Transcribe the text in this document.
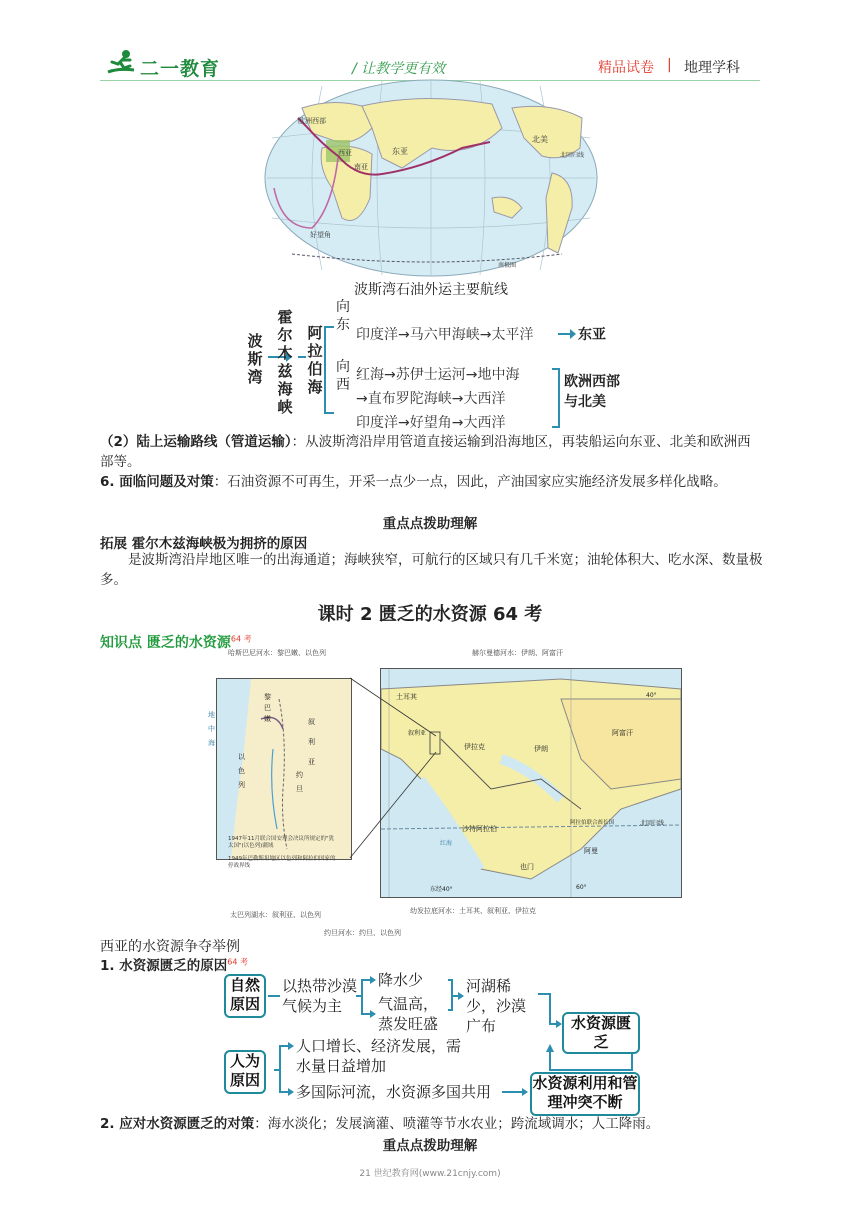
二一教育	/ 让教学更有效	精品试卷 | 地理学科
欧洲西部
西亚	东亚
南亚
北美
北回归线
好望角
南极圈
波斯湾石油外运主要航线
波斯湾
霍尔木兹海峡
阿拉伯海
向东
向西
印度洋→马六甲海峡→太平洋	东亚
红海→苏伊士运河→地中海
→直布罗陀海峡→大西洋
印度洋→好望角→大西洋
欧洲西部与北美
（2）陆上运输路线（管道运输）：从波斯湾沿岸用管道直接运输到沿海地区，再装船运向东亚、北美和欧洲西部等。
6. 面临问题及对策：石油资源不可再生，开采一点少一点，因此，产油国家应实施经济发展多样化战略。
重点点拨助理解
拓展 霍尔木兹海峡极为拥挤的原因
是波斯湾沿岸地区唯一的出海通道；海峡狭窄，可航行的区域只有几千米宽；油轮体积大、吃水深、数量极多。
课时 2 匮乏的水资源 64 考
知识点 匮乏的水资源$^{64 考}$
哈斯巴尼河水：黎巴嫩、以色列	赫尔曼德河水：伊朗、阿富汗
黎
巴
嫩	叙
利
亚
以
色
列
约
旦
地
中
海
1947年11月联合国安理会决议所规定的"犹太国"(以色列)疆域
1949年巴勒斯坦地区以色列和阿拉伯国家的停战界线
太巴列湖水：叙利亚、以色列
约旦河水：约旦、以色列
幼发拉底河水：土耳其、叙利亚、伊拉克
土耳其
叙利亚
伊拉克	伊朗
阿富汗
沙特阿拉伯
阿拉伯联合酋长国
阿曼
也门
北回归线
红海
东经40°	60°
40°
西亚的水资源争夺举例
1. 水资源匮乏的原因$^{64 考}$
自然原因
以热带沙漠气候为主
降水少
气温高，蒸发旺盛
河湖稀少，沙漠广布	水资源匮乏
人为原因
人口增长、经济发展，需水量日益增加
多国际河流，水资源多国共用	水资源利用和管理冲突不断
2. 应对水资源匮乏的对策：海水淡化；发展滴灌、喷灌等节水农业；跨流域调水；人工降雨。
重点点拨助理解
21 世纪教育网(www.21cnjy.com)
